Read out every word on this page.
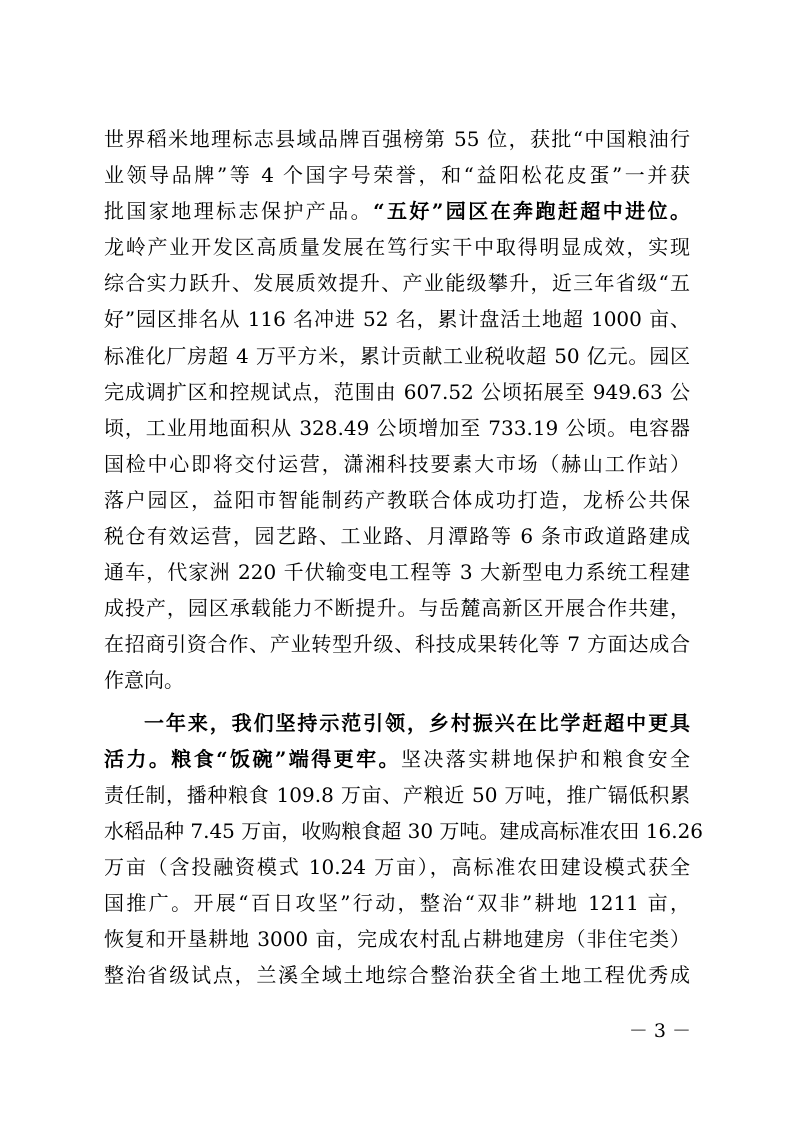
世界稻米地理标志县域品牌百强榜第 55 位，获批“中国粮油行
业领导品牌”等 4 个国字号荣誉，和“益阳松花皮蛋”一并获
批国家地理标志保护产品。“五好”园区在奔跑赶超中进位。
龙岭产业开发区高质量发展在笃行实干中取得明显成效，实现
综合实力跃升、发展质效提升、产业能级攀升，近三年省级“五
好”园区排名从 116 名冲进 52 名，累计盘活土地超 1000 亩、
标准化厂房超 4 万平方米，累计贡献工业税收超 50 亿元。园区
完成调扩区和控规试点，范围由 607.52 公顷拓展至 949.63 公
顷，工业用地面积从 328.49 公顷增加至 733.19 公顷。电容器
国检中心即将交付运营，潇湘科技要素大市场（赫山工作站）
落户园区，益阳市智能制药产教联合体成功打造，龙桥公共保
税仓有效运营，园艺路、工业路、月潭路等 6 条市政道路建成
通车，代家洲 220 千伏输变电工程等 3 大新型电力系统工程建
成投产，园区承载能力不断提升。与岳麓高新区开展合作共建，
在招商引资合作、产业转型升级、科技成果转化等 7 方面达成合
作意向。
一年来，我们坚持示范引领，乡村振兴在比学赶超中更具
活力。粮食“饭碗”端得更牢。坚决落实耕地保护和粮食安全
责任制，播种粮食 109.8 万亩、产粮近 50 万吨，推广镉低积累
水稻品种 7.45 万亩，收购粮食超 30 万吨。建成高标准农田 16.26
万亩（含投融资模式 10.24 万亩），高标准农田建设模式获全
国推广。开展“百日攻坚”行动，整治“双非”耕地 1211 亩，
恢复和开垦耕地 3000 亩，完成农村乱占耕地建房（非住宅类）
整治省级试点，兰溪全域土地综合整治获全省土地工程优秀成
－ 3 －
